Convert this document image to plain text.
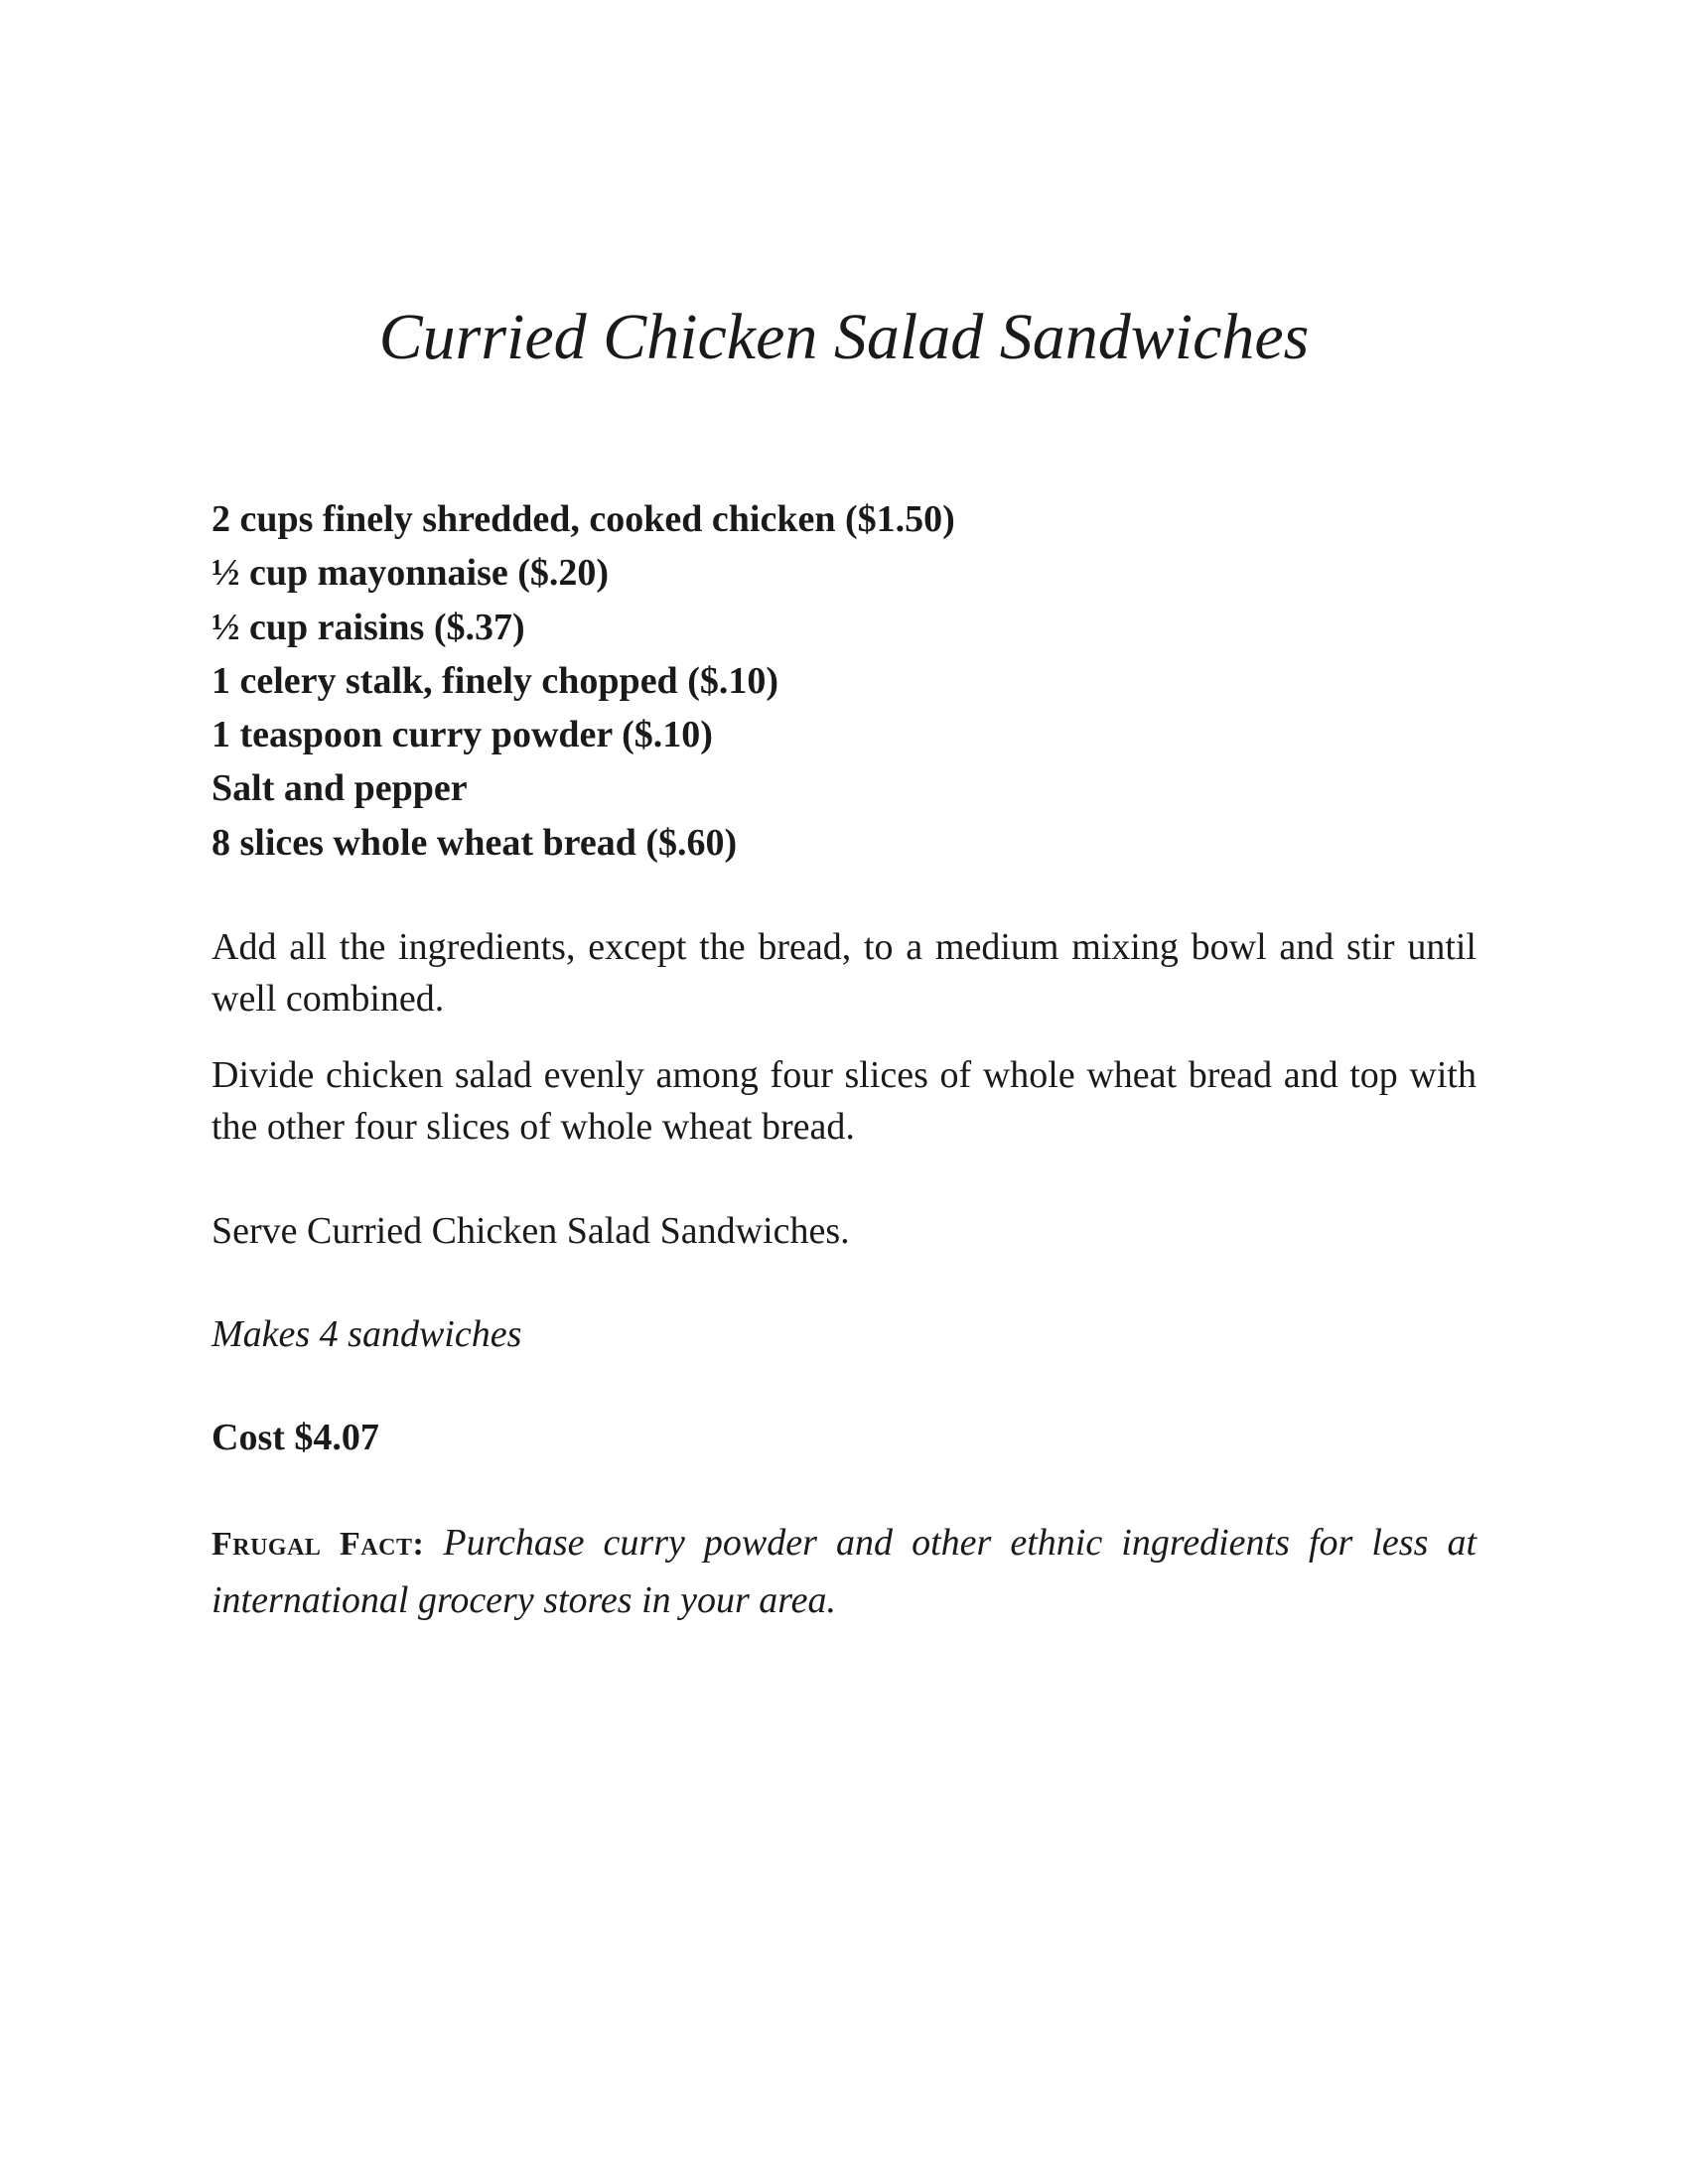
Curried Chicken Salad Sandwiches
2 cups finely shredded, cooked chicken ($1.50)
½ cup mayonnaise ($.20)
½ cup raisins ($.37)
1 celery stalk, finely chopped ($.10)
1 teaspoon curry powder ($.10)
Salt and pepper
8 slices whole wheat bread ($.60)

Add all the ingredients, except the bread, to a medium mixing bowl and stir until well combined.

Divide chicken salad evenly among four slices of whole wheat bread and top with the other four slices of whole wheat bread.

Serve Curried Chicken Salad Sandwiches.

Makes 4 sandwiches

Cost $4.07

Frugal Fact: Purchase curry powder and other ethnic ingredients for less at international grocery stores in your area.
